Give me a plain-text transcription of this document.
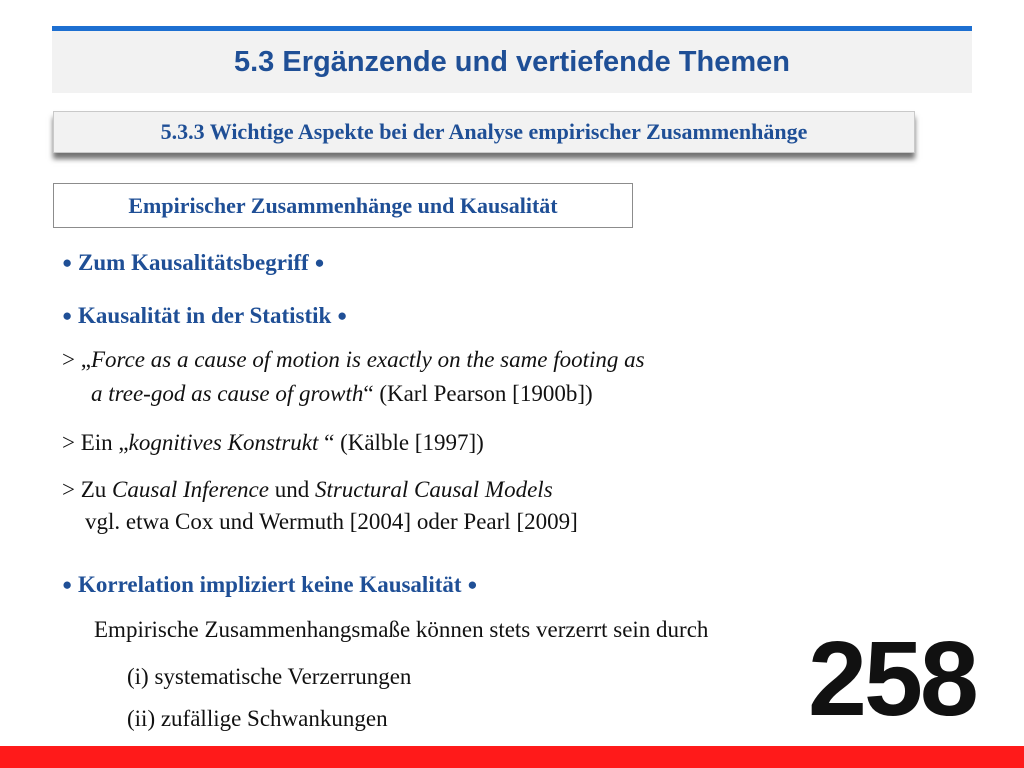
5.3 Ergänzende und vertiefende Themen
5.3.3 Wichtige Aspekte bei der Analyse empirischer Zusammenhänge
Empirischer Zusammenhänge und Kausalität
● Zum Kausalitätsbegriff ●
● Kausalität in der Statistik ●
> „Force as a cause of motion is exactly on the same footing as
a tree-god as cause of growth“ (Karl Pearson [1900b])
> Ein „kognitives Konstrukt “ (Kälble [1997])
> Zu Causal Inference und Structural Causal Models
vgl. etwa Cox und Wermuth [2004] oder Pearl [2009]
● Korrelation impliziert keine Kausalität ●
Empirische Zusammenhangsmaße können stets verzerrt sein durch
(i) systematische Verzerrungen
(ii) zufällige Schwankungen	258
